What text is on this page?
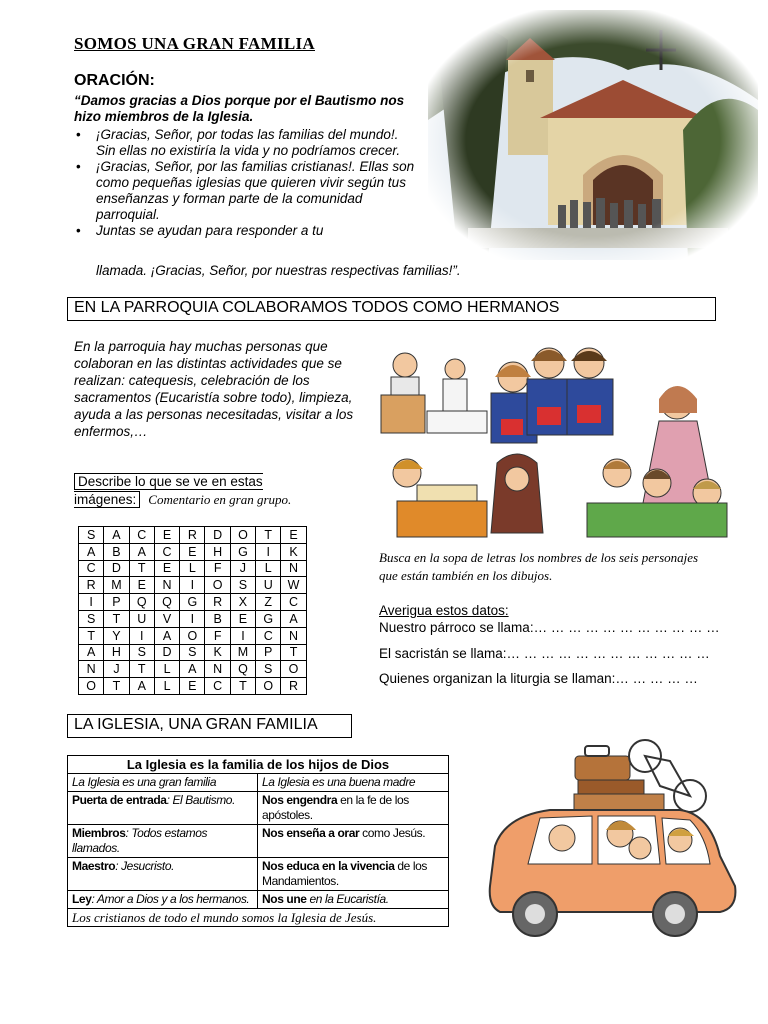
SOMOS UNA GRAN FAMILIA
ORACIÓN:
“Damos gracias a Dios porque por el Bautismo nos hizo miembros de la Iglesia.
• ¡Gracias, Señor, por todas las familias del mundo!. Sin ellas no existiría la vida y no podríamos crecer.
• ¡Gracias, Señor, por las familias cristianas!. Ellas son como pequeñas iglesias que quieren vivir según tus enseñanzas y forman parte de la comunidad parroquial.
• Juntas se ayudan para responder a tu
llamada. ¡Gracias, Señor, por nuestras respectivas familias!”.
EN LA PARROQUIA COLABORAMOS TODOS COMO HERMANOS
En la parroquia hay muchas personas que colaboran en las distintas actividades que se realizan: catequesis, celebración de los sacramentos (Eucaristía sobre todo), limpieza, ayuda a las personas necesitadas, visitar a los enfermos,…
Describe lo que se ve en estas imágenes: Comentario en gran grupo.
S	A	C	E	R	D	O	T	E
A	B	A	C	E	H	G	I	K
C	D	T	E	L	F	J	L	N
R	M	E	N	I	O	S	U	W
I	P	Q	Q	G	R	X	Z	C
S	T	U	V	I	B	E	G	A
T	Y	I	A	O	F	I	C	N
A	H	S	D	S	K	M	P	T
N	J	T	L	A	N	Q	S	O
O	T	A	L	E	C	T	O	R
Busca en la sopa de letras los nombres de los seis personajes que están también en los dibujos.
Averigua estos datos:
Nuestro párroco se llama:… … … … … … … … … … …
El sacristán se llama:… … … … … … … … … … … …
Quienes organizan la liturgia se llaman:… … … … …
LA IGLESIA, UNA GRAN FAMILIA
La Iglesia es la familia de los hijos de Dios	
La Iglesia es una gran familia	La Iglesia es una buena madre
Puerta de entrada: El Bautismo.	Nos engendra en la fe de los apóstoles.
Miembros: Todos estamos llamados.	Nos enseña a orar como Jesús.
Maestro: Jesucristo.	Nos educa en la vivencia de los Mandamientos.
Ley: Amor a Dios y a los hermanos.	Nos une en la Eucaristía.
Los cristianos de todo el mundo somos la Iglesia de Jesús.	
